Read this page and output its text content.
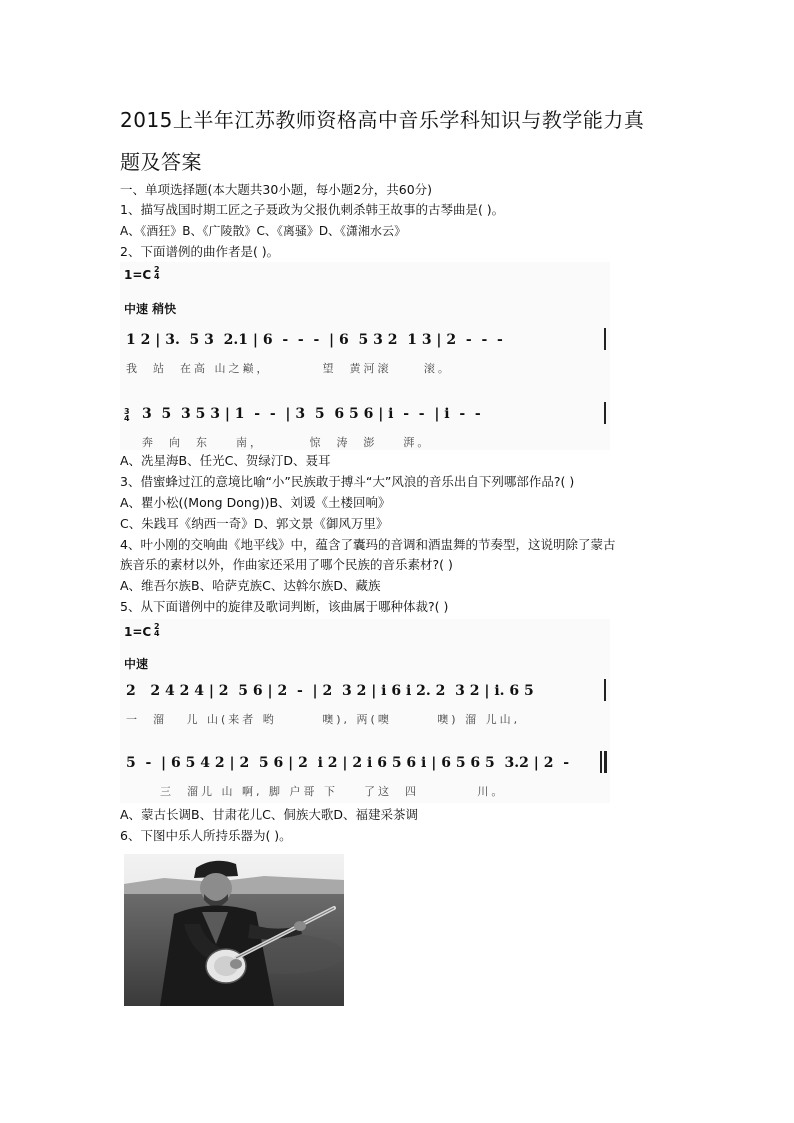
2015上半年江苏教师资格高中音乐学科知识与教学能力真
题及答案
一、单项选择题(本大题共30小题，每小题2分，共60分)
1、描写战国时期工匠之子聂政为父报仇刺杀韩王故事的古琴曲是( )。
A、《酒狂》B、《广陵散》C、《离骚》D、《潇湘水云》
2、下面谱例的曲作者是( )。
1=C 2
4
中速 稍快
1 2 | 3.  5 3  2.1 | 6  -  -  -  | 6  5 3 2  1 3 | 2  -  -  -
我  站  在高 山之巅，        望  黄河滚     滚。
3
4 3  5  3 5 3 | 1  -  -  | 3  5  6 5 6 | i  -  -  | i  -  -
奔  向  东    南，       惊  涛  澎    湃。
A、冼星海B、任光C、贺绿汀D、聂耳
3、借蜜蜂过江的意境比喻“小”民族敢于搏斗“大”风浪的音乐出自下列哪部作品?( )
A、瞿小松((Mong Dong))B、刘谖《土楼回响》
C、朱践耳《纳西一奇》D、郭文景《御风万里》
4、叶小刚的交响曲《地平线》中，蕴含了囊玛的音调和酒盅舞的节奏型，这说明除了蒙古
族音乐的素材以外，作曲家还采用了哪个民族的音乐素材?( )
A、维吾尔族B、哈萨克族C、达斡尔族D、藏族
5、从下面谱例中的旋律及歌词判断，该曲属于哪种体裁?( )
1=C 2
4
中速
2   2 4 2 4 | 2  5 6 | 2  -  | 2  3 2 | i 6 i 2. 2  3 2 | i. 6 5
一  溜   儿 山(来者 哟       噢), 两(噢       噢) 溜 儿山,
5  -  | 6 5 4 2 | 2  5 6 | 2  i 2 | 2 i 6 5 6 i | 6 5 6 5  3.2 | 2  -
三  溜儿 山 啊, 脚 户哥 下    了这  四         川。
A、蒙古长调B、甘肃花儿C、侗族大歌D、福建采茶调
6、下图中乐人所持乐器为( )。
